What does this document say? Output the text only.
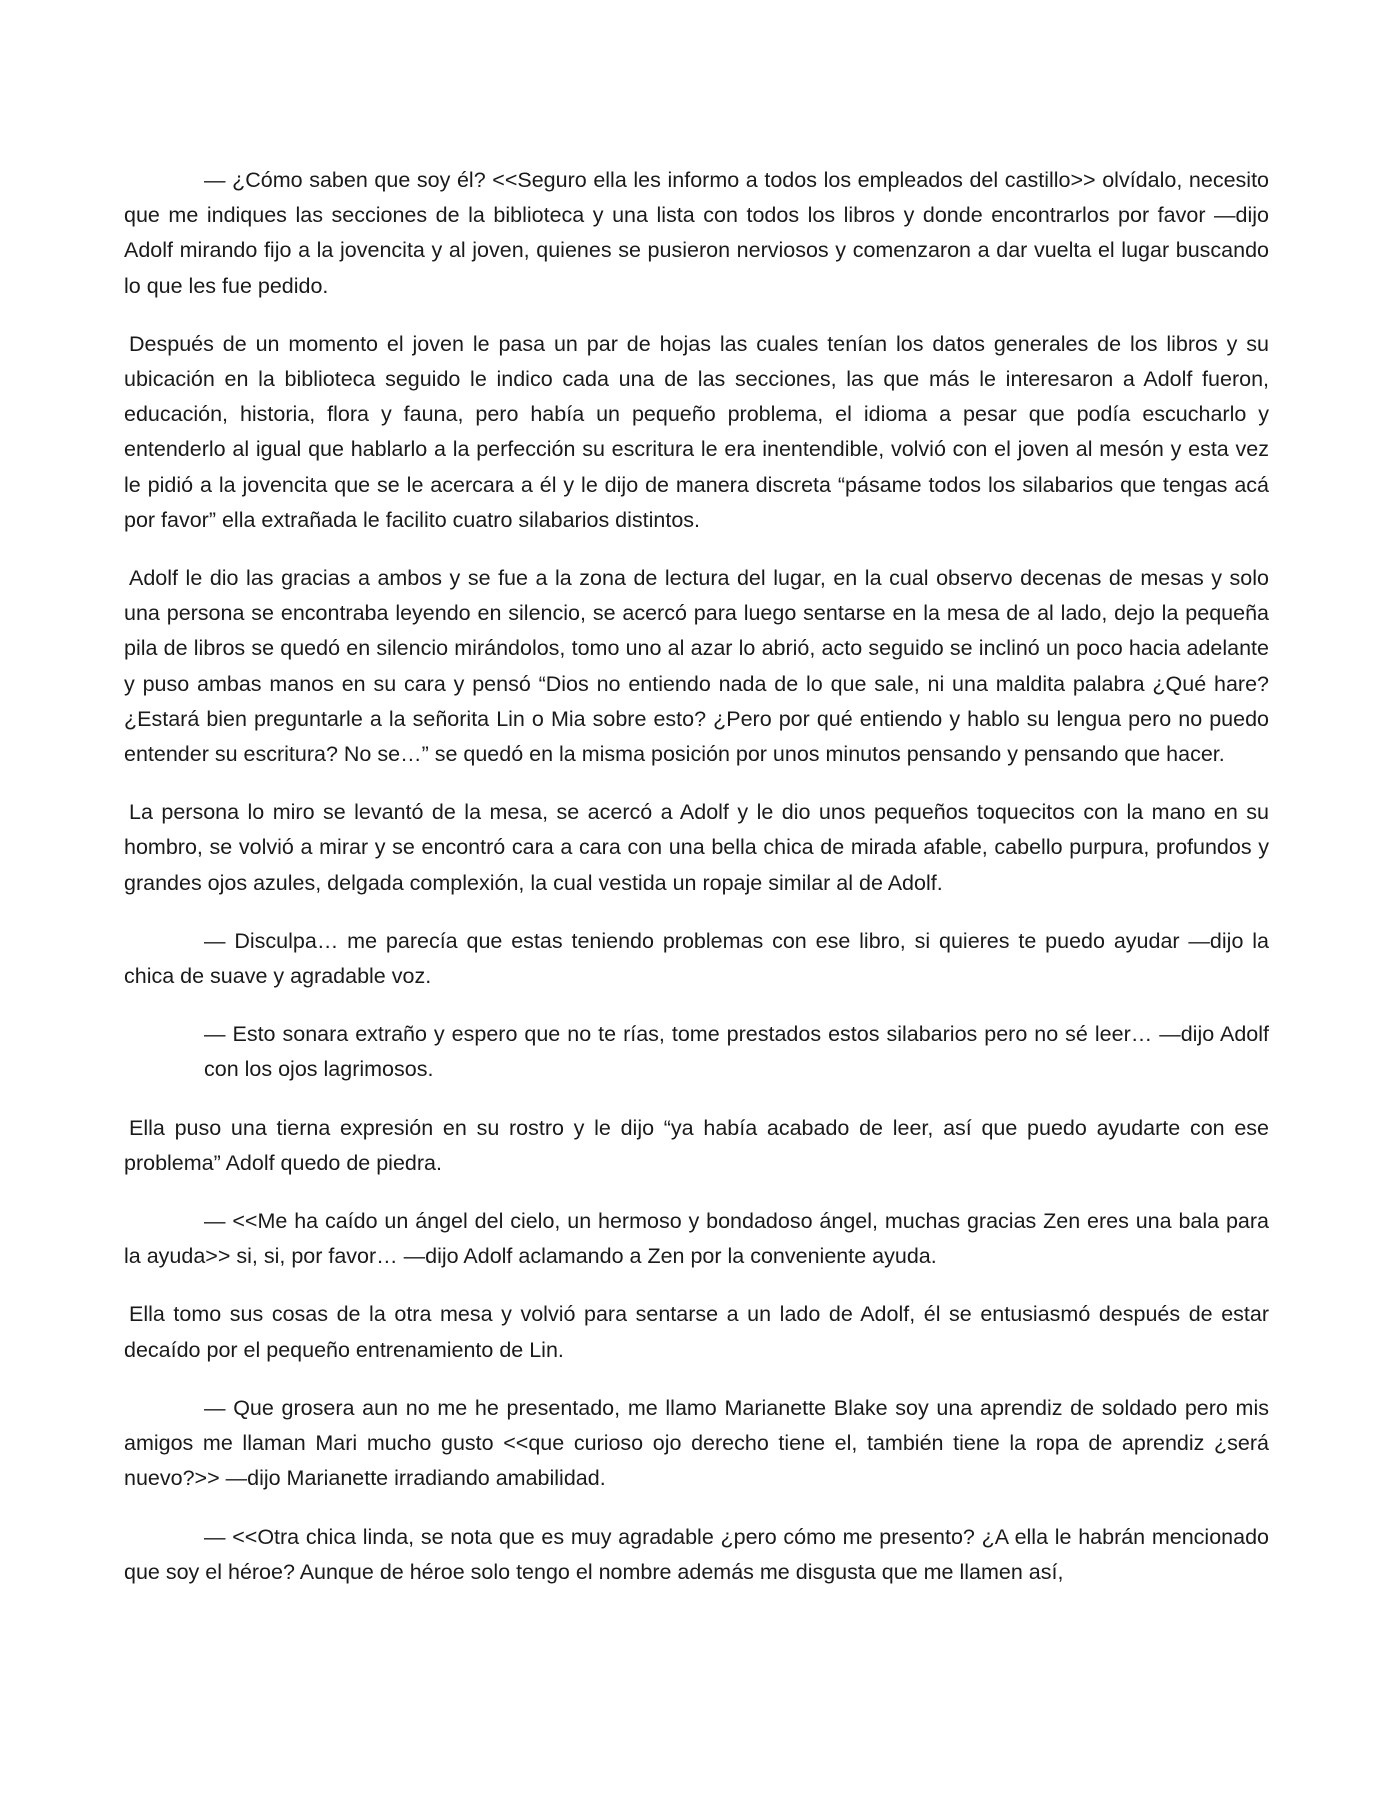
— ¿Cómo saben que soy él? <<Seguro ella les informo a todos los empleados del castillo>> olvídalo, necesito que me indiques las secciones de la biblioteca y una lista con todos los libros y donde encontrarlos por favor —dijo Adolf mirando fijo a la jovencita y al joven, quienes se pusieron nerviosos y comenzaron a dar vuelta el lugar buscando lo que les fue pedido.

Después de un momento el joven le pasa un par de hojas las cuales tenían los datos generales de los libros y su ubicación en la biblioteca seguido le indico cada una de las secciones, las que más le interesaron a Adolf fueron, educación, historia, flora y fauna, pero había un pequeño problema, el idioma a pesar que podía escucharlo y entenderlo al igual que hablarlo a la perfección su escritura le era inentendible, volvió con el joven al mesón y esta vez le pidió a la jovencita que se le acercara a él y le dijo de manera discreta “pásame todos los silabarios que tengas acá por favor” ella extrañada le facilito cuatro silabarios distintos.

Adolf le dio las gracias a ambos y se fue a la zona de lectura del lugar, en la cual observo decenas de mesas y solo una persona se encontraba leyendo en silencio, se acercó para luego sentarse en la mesa de al lado, dejo la pequeña pila de libros se quedó en silencio mirándolos, tomo uno al azar lo abrió, acto seguido se inclinó un poco hacia adelante y puso ambas manos en su cara y pensó “Dios no entiendo nada de lo que sale, ni una maldita palabra ¿Qué hare? ¿Estará bien preguntarle a la señorita Lin o Mia sobre esto? ¿Pero por qué entiendo y hablo su lengua pero no puedo entender su escritura? No se…” se quedó en la misma posición por unos minutos pensando y pensando que hacer.

La persona lo miro se levantó de la mesa, se acercó a Adolf y le dio unos pequeños toquecitos con la mano en su hombro, se volvió a mirar y se encontró cara a cara con una bella chica de mirada afable, cabello purpura, profundos y grandes ojos azules, delgada complexión, la cual vestida un ropaje similar al de Adolf.

— Disculpa… me parecía que estas teniendo problemas con ese libro, si quieres te puedo ayudar —dijo la chica de suave y agradable voz.

— Esto sonara extraño y espero que no te rías, tome prestados estos silabarios pero no sé leer… —dijo Adolf con los ojos lagrimosos.

Ella puso una tierna expresión en su rostro y le dijo “ya había acabado de leer, así que puedo ayudarte con ese problema” Adolf quedo de piedra.

— <<Me ha caído un ángel del cielo, un hermoso y bondadoso ángel, muchas gracias Zen eres una bala para la ayuda>> si, si, por favor… —dijo Adolf aclamando a Zen por la conveniente ayuda.

Ella tomo sus cosas de la otra mesa y volvió para sentarse a un lado de Adolf, él se entusiasmó después de estar decaído por el pequeño entrenamiento de Lin.

— Que grosera aun no me he presentado, me llamo Marianette Blake soy una aprendiz de soldado pero mis amigos me llaman Mari mucho gusto <<que curioso ojo derecho tiene el, también tiene la ropa de aprendiz ¿será nuevo?>> —dijo Marianette irradiando amabilidad.

— <<Otra chica linda, se nota que es muy agradable ¿pero cómo me presento? ¿A ella le habrán mencionado que soy el héroe? Aunque de héroe solo tengo el nombre además me disgusta que me llamen así,
